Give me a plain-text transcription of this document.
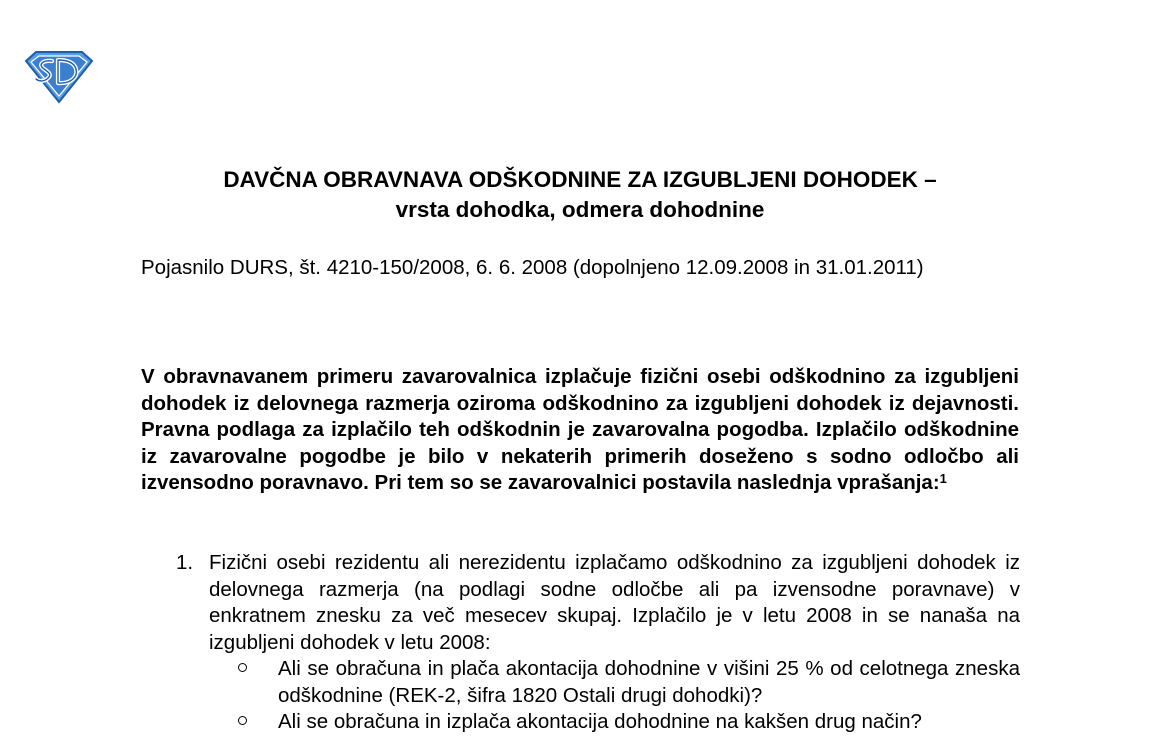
DAVČNA OBRAVNAVA ODŠKODNINE ZA IZGUBLJENI DOHODEK –
vrsta dohodka, odmera dohodnine
Pojasnilo DURS, št. 4210-150/2008, 6. 6. 2008 (dopolnjeno 12.09.2008 in 31.01.2011)
V obravnavanem primeru zavarovalnica izplačuje fizični osebi odškodnino za izgubljeni dohodek iz delovnega razmerja oziroma odškodnino za izgubljeni dohodek iz dejavnosti. Pravna podlaga za izplačilo teh odškodnin je zavarovalna pogodba. Izplačilo odškodnine iz zavarovalne pogodbe je bilo v nekaterih primerih doseženo s sodno odločbo ali izvensodno poravnavo. Pri tem so se zavarovalnici postavila naslednja vprašanja:$^1$
1. Fizični osebi rezidentu ali nerezidentu izplačamo odškodnino za izgubljeni dohodek iz delovnega razmerja (na podlagi sodne odločbe ali pa izvensodne poravnave) v enkratnem znesku za več mesecev skupaj. Izplačilo je v letu 2008 in se nanaša na izgubljeni dohodek v letu 2008:
Ali se obračuna in plača akontacija dohodnine v višini 25 % od celotnega zneska odškodnine (REK-2, šifra 1820 Ostali drugi dohodki)?
Ali se obračuna in izplača akontacija dohodnine na kakšen drug način?
